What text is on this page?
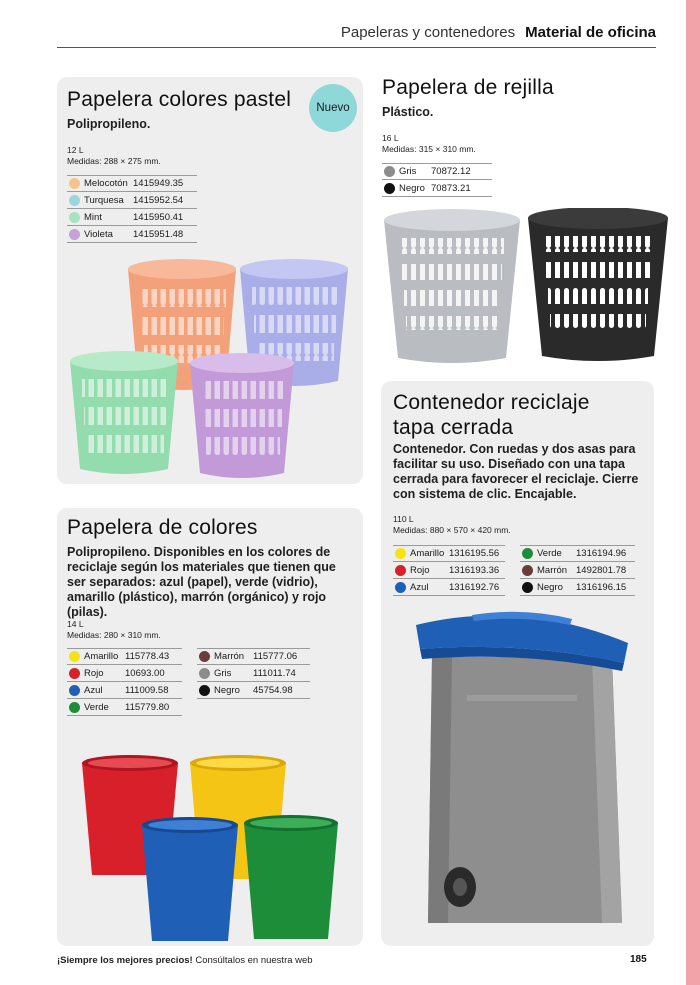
Papeleras y contenedores Material de oficina
Papelera colores pastel
Polipropileno.
Nuevo
12 L
Medidas: 288 × 275 mm.
Melocotón 1415949.35
Turquesa 1415952.54
Mint	1415950.41
Violeta 1415951.48
Papelera de rejilla
Plástico.
16 L
Medidas: 315 × 310 mm.
Gris 70872.12
Negro 70873.21
Papelera de colores
Polipropileno. Disponibles en los colores de reciclaje según los materiales que tienen que ser separados: azul (papel), verde (vidrio), amarillo (plástico), marrón (orgánico) y rojo (pilas).
14 L
Medidas: 280 × 310 mm.
Amarillo 115778.43
Rojo 10693.00
Azul 111009.58
Verde 115779.80
Marrón 115777.06
Gris 111011.74
Negro 45754.98
Contenedor reciclaje
tapa cerrada
Contenedor. Con ruedas y dos asas para facilitar su uso. Diseñado con una tapa cerrada para favorecer el reciclaje. Cierre con sistema de clic. Encajable.
110 L
Medidas: 880 × 570 × 420 mm.
Amarillo 1316195.56
Rojo 1316193.36
Azul 1316192.76
Verde 1316194.96
Marrón 1492801.78
Negro 1316196.15
¡Siempre los mejores precios! Consúltalos en nuestra web	185
